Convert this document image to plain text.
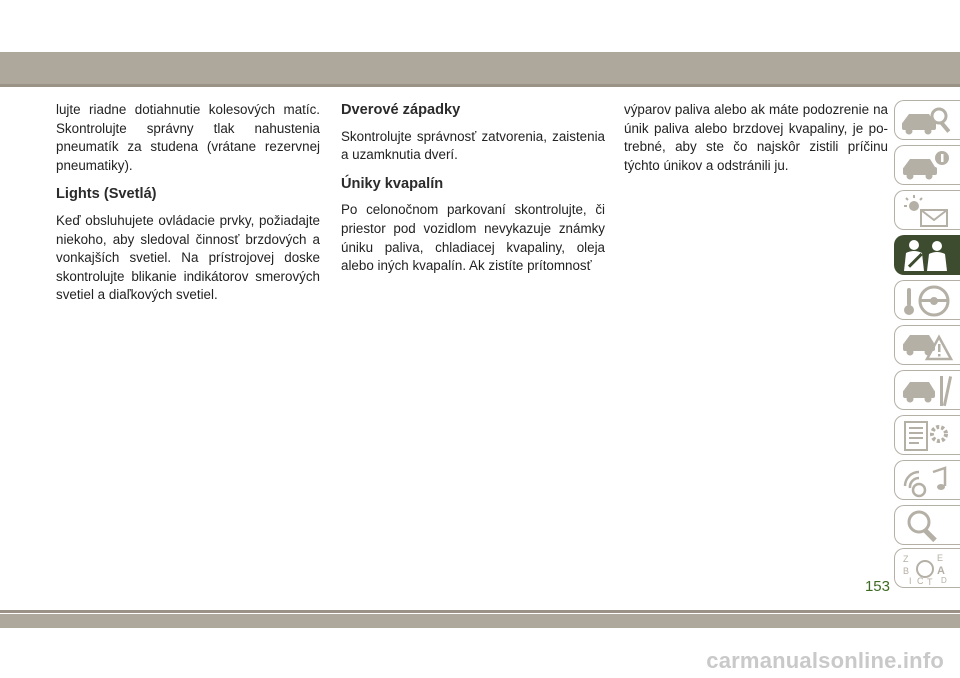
lujte riadne dotiahnutie kolesových matíc. Skontrolujte správny tlak nahustenia pneumatík za studena (vrátane rezervnej pneumatiky).

Lights (Svetlá)

Keď obsluhujete ovládacie prvky, požiadajte niekoho, aby sledoval činnosť brzdových a vonkajších svetiel. Na prístrojovej doske skontrolujte blikanie indikátorov smerových svetiel a diaľkových svetiel.

Dverové západky

Skontrolujte správnosť zatvorenia, zaistenia a uzamknutia dverí.

Úniky kvapalín

Po celonočnom parkovaní skontrolujte, či priestor pod vozidlom nevykazuje známky úniku paliva, chladiacej kvapaliny, oleja alebo iných kvapalín. Ak zistíte prítomnosť

výparov paliva alebo ak máte podozrenie na únik paliva alebo brzdovej kvapaliny, je po-trebné, aby ste čo najskôr zistili príčinu týchto únikov a odstránili ju.

Z	E
B	A
I C T D
153
carmanualsonline.info
